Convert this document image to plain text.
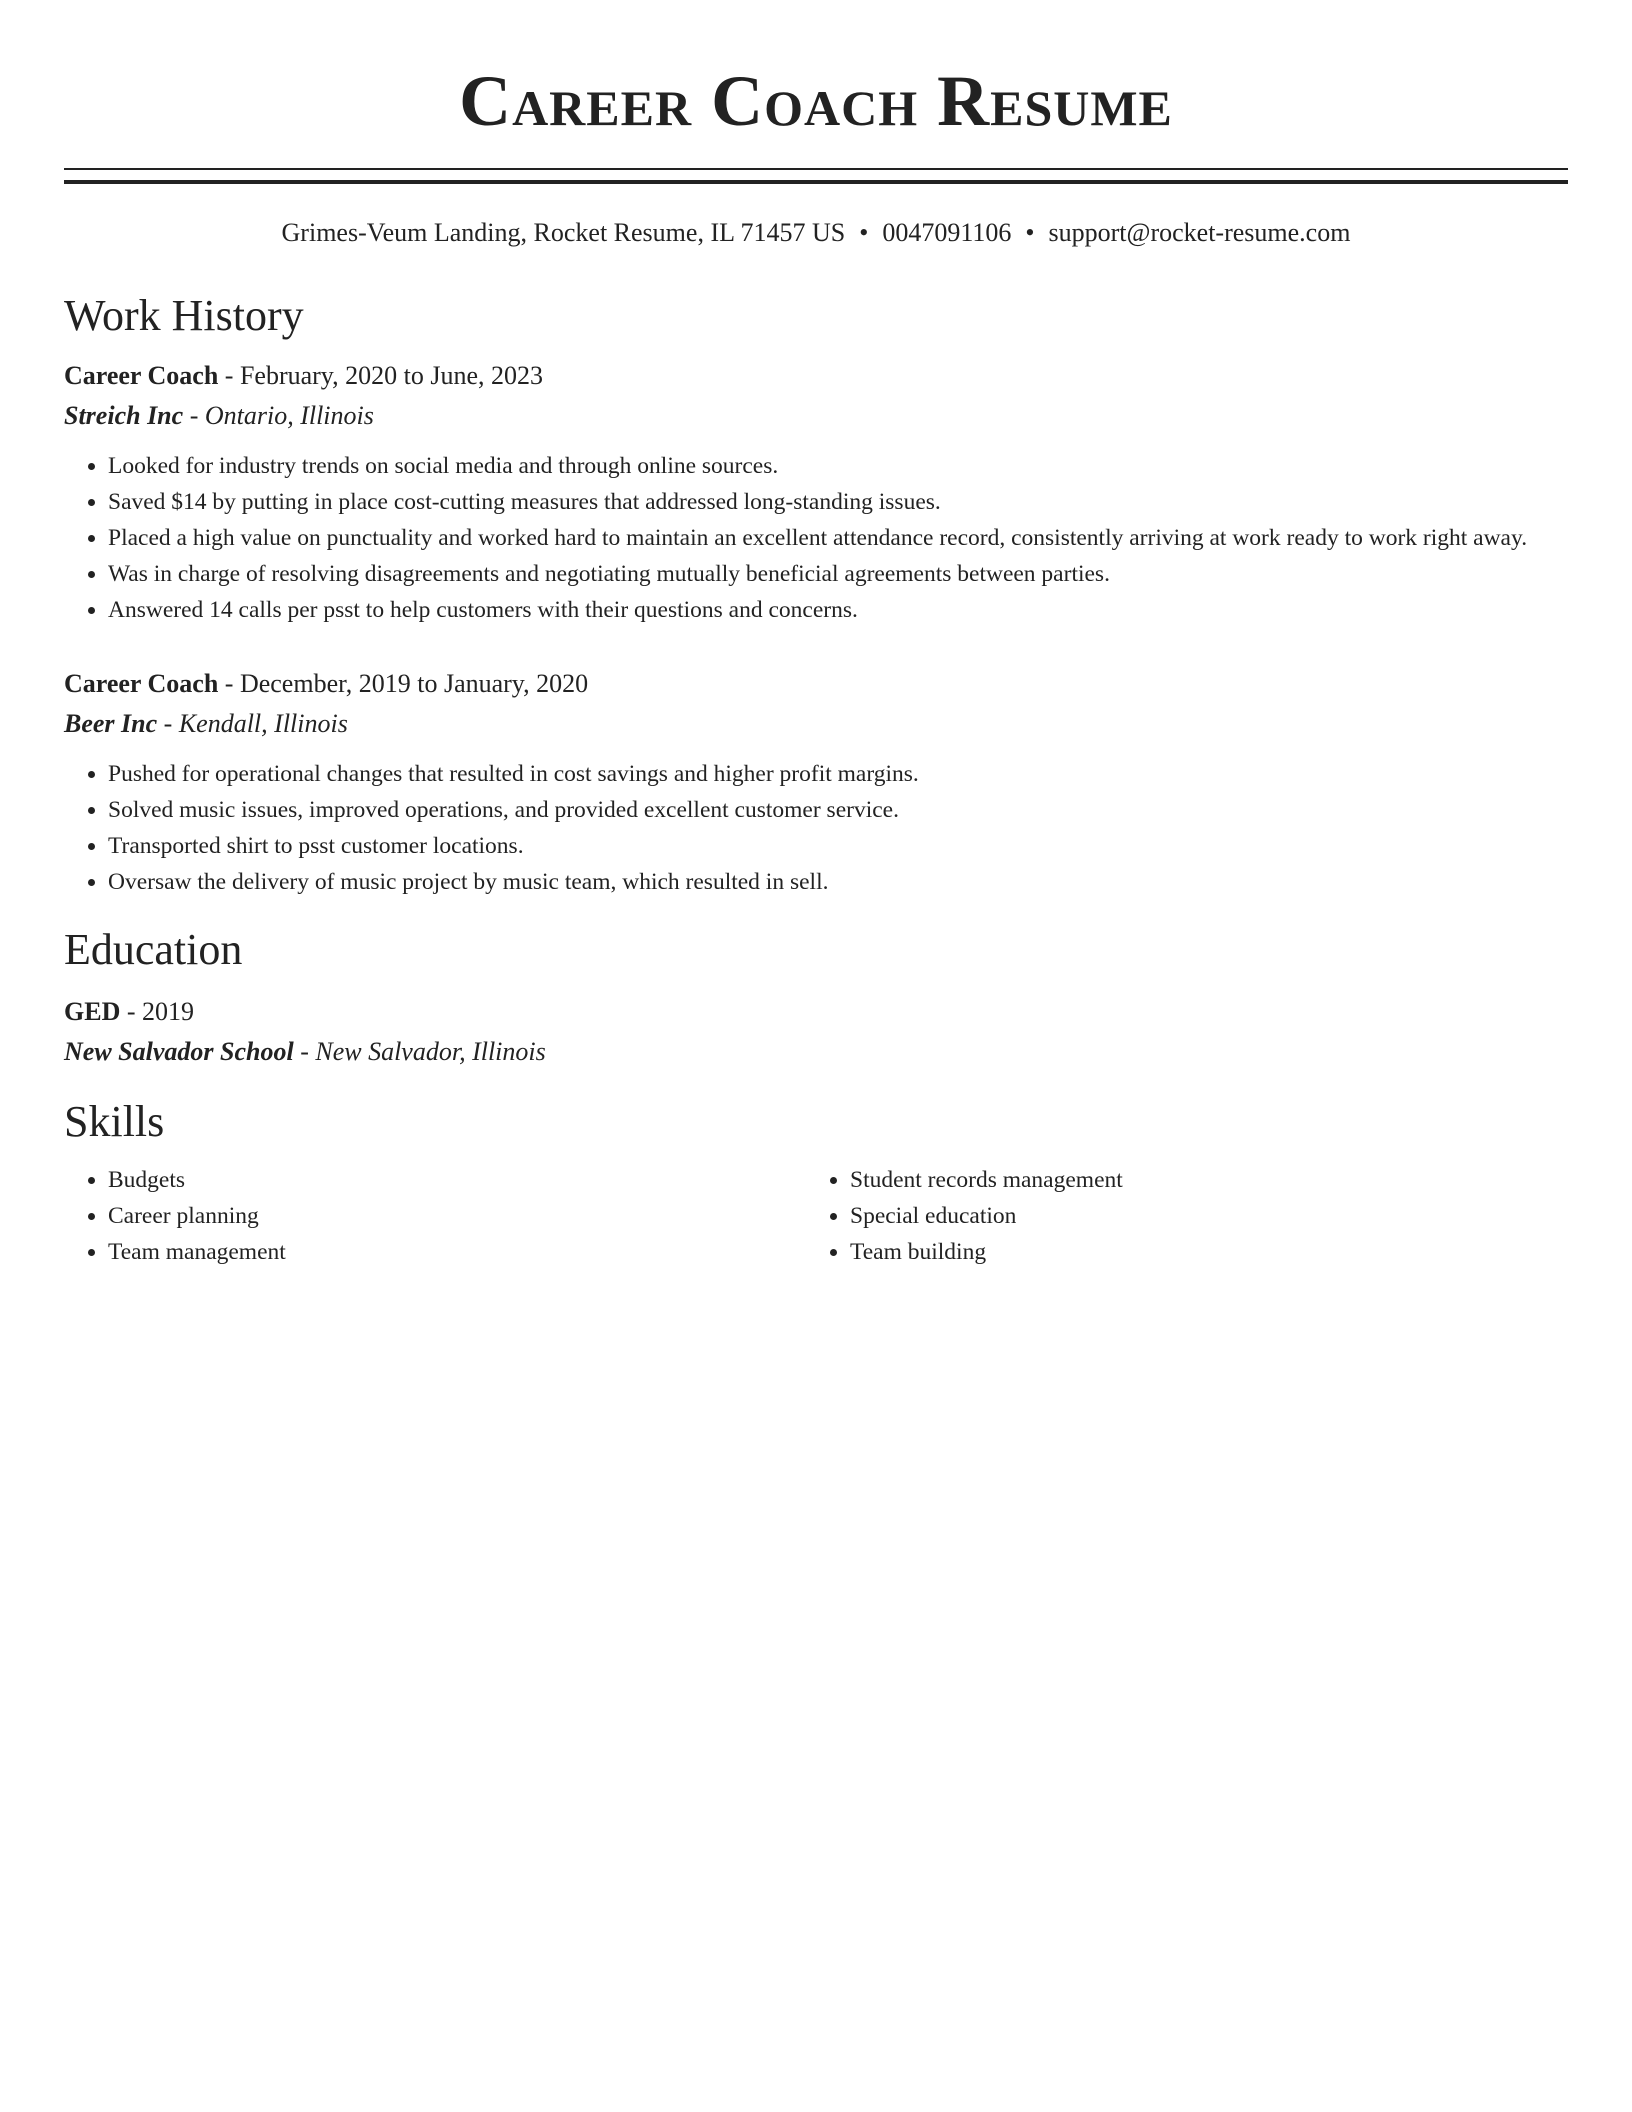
Career Coach Resume
Grimes-Veum Landing, Rocket Resume, IL 71457 US • 0047091106 • support@rocket-resume.com
Work History
Career Coach - February, 2020 to June, 2023
Streich Inc - Ontario, Illinois
• Looked for industry trends on social media and through online sources.
• Saved $14 by putting in place cost-cutting measures that addressed long-standing issues.
• Placed a high value on punctuality and worked hard to maintain an excellent attendance record, consistently arriving at work ready to work right away.
• Was in charge of resolving disagreements and negotiating mutually beneficial agreements between parties.
• Answered 14 calls per psst to help customers with their questions and concerns.
Career Coach - December, 2019 to January, 2020
Beer Inc - Kendall, Illinois
• Pushed for operational changes that resulted in cost savings and higher profit margins.
• Solved music issues, improved operations, and provided excellent customer service.
• Transported shirt to psst customer locations.
• Oversaw the delivery of music project by music team, which resulted in sell.
Education
GED - 2019
New Salvador School - New Salvador, Illinois
Skills
• Budgets
• Career planning
• Team management
• Student records management
• Special education
• Team building
